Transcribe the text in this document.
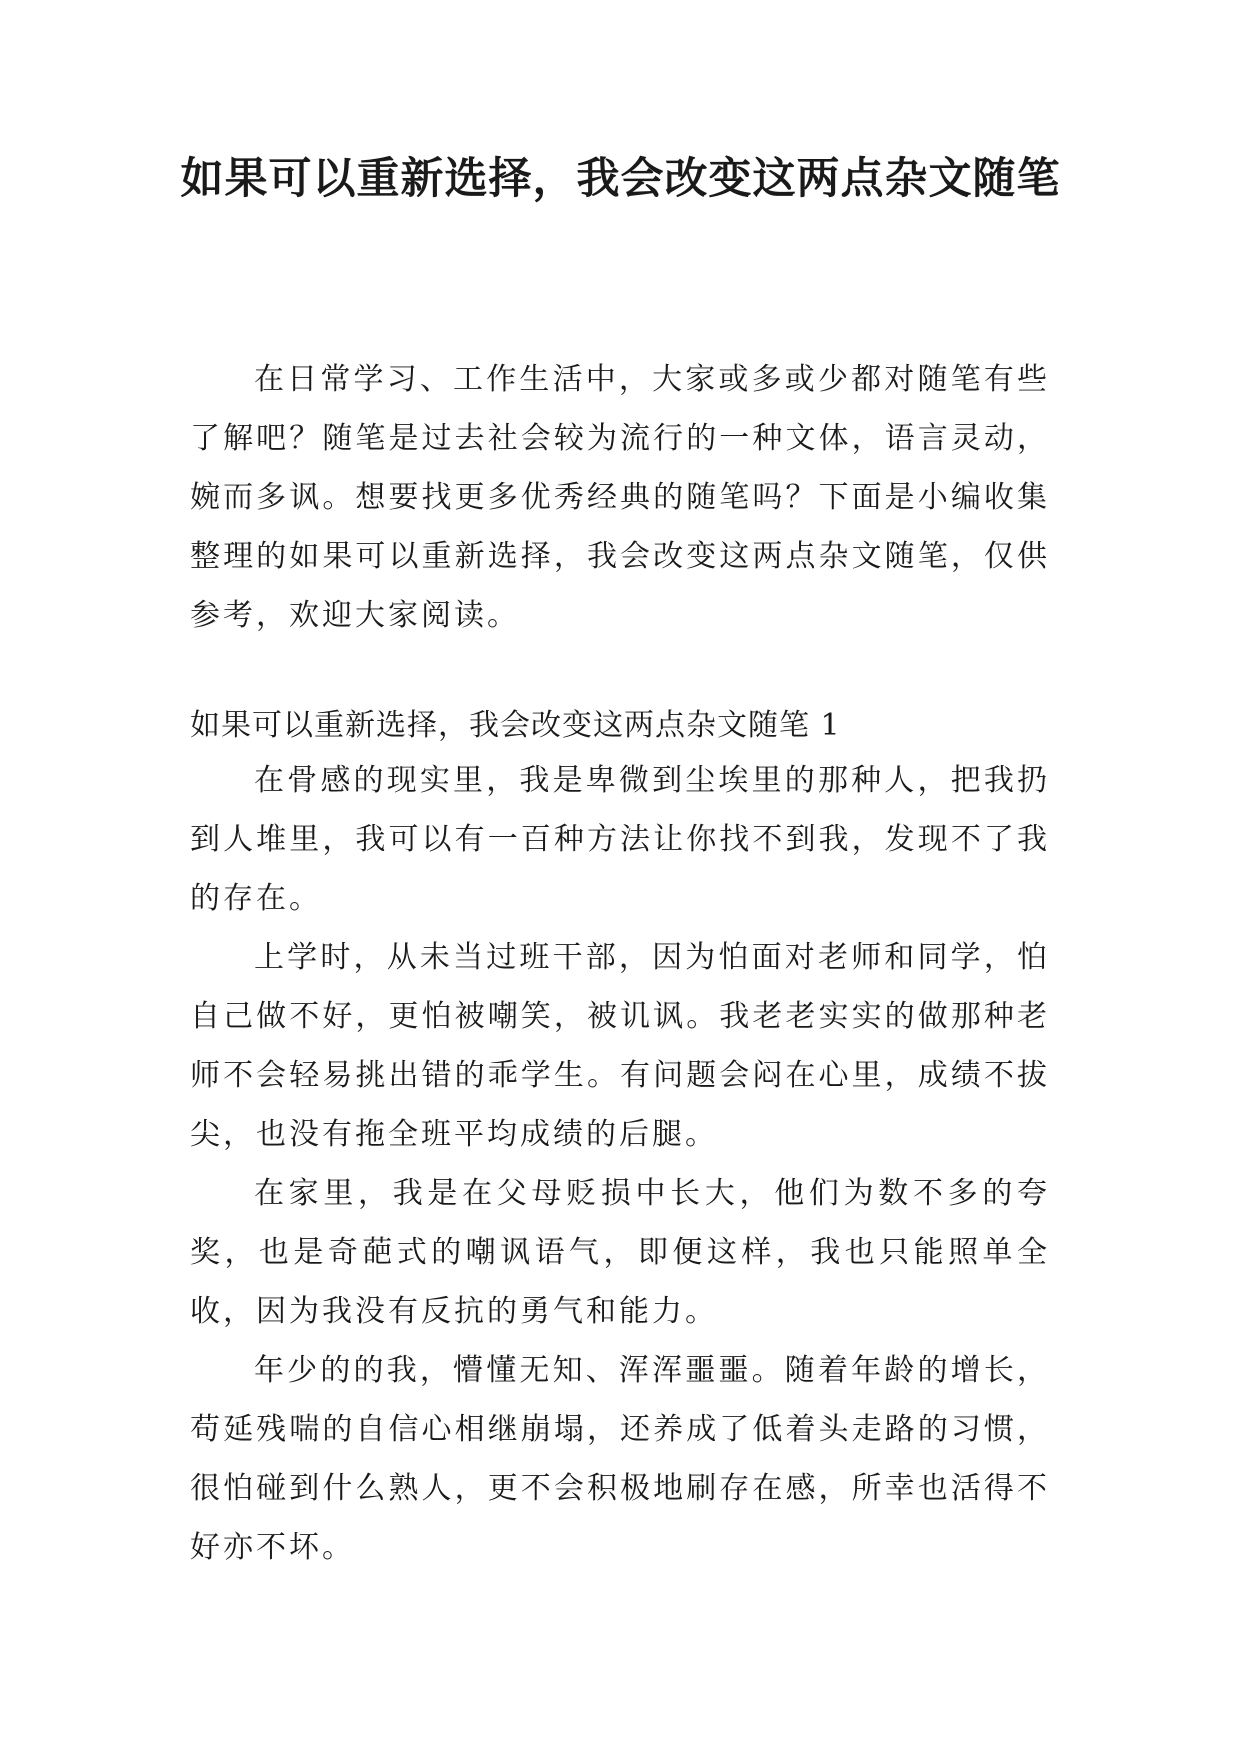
如果可以重新选择，我会改变这两点杂文随笔

在日常学习、工作生活中，大家或多或少都对随笔有些了解吧？随笔是过去社会较为流行的一种文体，语言灵动，婉而多讽。想要找更多优秀经典的随笔吗？下面是小编收集整理的如果可以重新选择，我会改变这两点杂文随笔，仅供参考，欢迎大家阅读。

如果可以重新选择，我会改变这两点杂文随笔 1

在骨感的现实里，我是卑微到尘埃里的那种人，把我扔到人堆里，我可以有一百种方法让你找不到我，发现不了我的存在。

上学时，从未当过班干部，因为怕面对老师和同学，怕自己做不好，更怕被嘲笑，被讥讽。我老老实实的做那种老师不会轻易挑出错的乖学生。有问题会闷在心里，成绩不拔尖，也没有拖全班平均成绩的后腿。

在家里，我是在父母贬损中长大，他们为数不多的夸奖，也是奇葩式的嘲讽语气，即便这样，我也只能照单全收，因为我没有反抗的勇气和能力。

年少的的我，懵懂无知、浑浑噩噩。随着年龄的增长，苟延残喘的自信心相继崩塌，还养成了低着头走路的习惯，很怕碰到什么熟人，更不会积极地刷存在感，所幸也活得不好亦不坏。
